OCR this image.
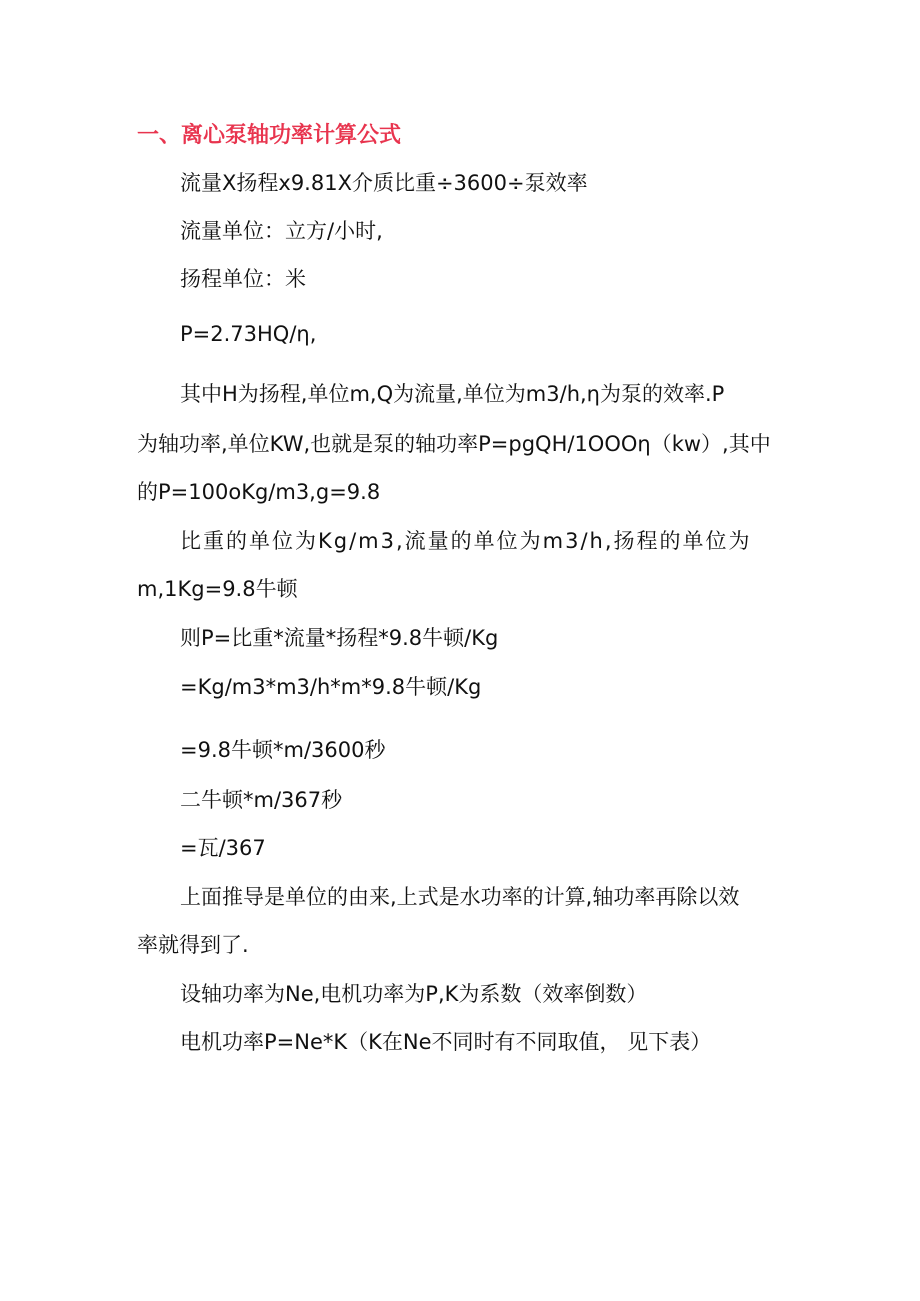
一、离心泵轴功率计算公式
流量X扬程x9.81X介质比重÷3600÷泵效率
流量单位：立方/小时,
扬程单位：米
P=2.73HQ/η,
其中H为扬程,单位m,Q为流量,单位为m3/h,η为泵的效率.P
为轴功率,单位KW,也就是泵的轴功率P=pgQH/1OOOη（kw）,其中
的P=100oKg/m3,g=9.8
比重的单位为Kg/m3,流量的单位为m3/h,扬程的单位为
m,1Kg=9.8牛顿
则P=比重*流量*扬程*9.8牛顿/Kg
=Kg/m3*m3/h*m*9.8牛顿/Kg
=9.8牛顿*m/3600秒
二牛顿*m/367秒
=瓦/367
上面推导是单位的由来,上式是水功率的计算,轴功率再除以效
率就得到了.
设轴功率为Ne,电机功率为P,K为系数（效率倒数）
电机功率P=Ne*K（K在Ne不同时有不同取值， 见下表）
